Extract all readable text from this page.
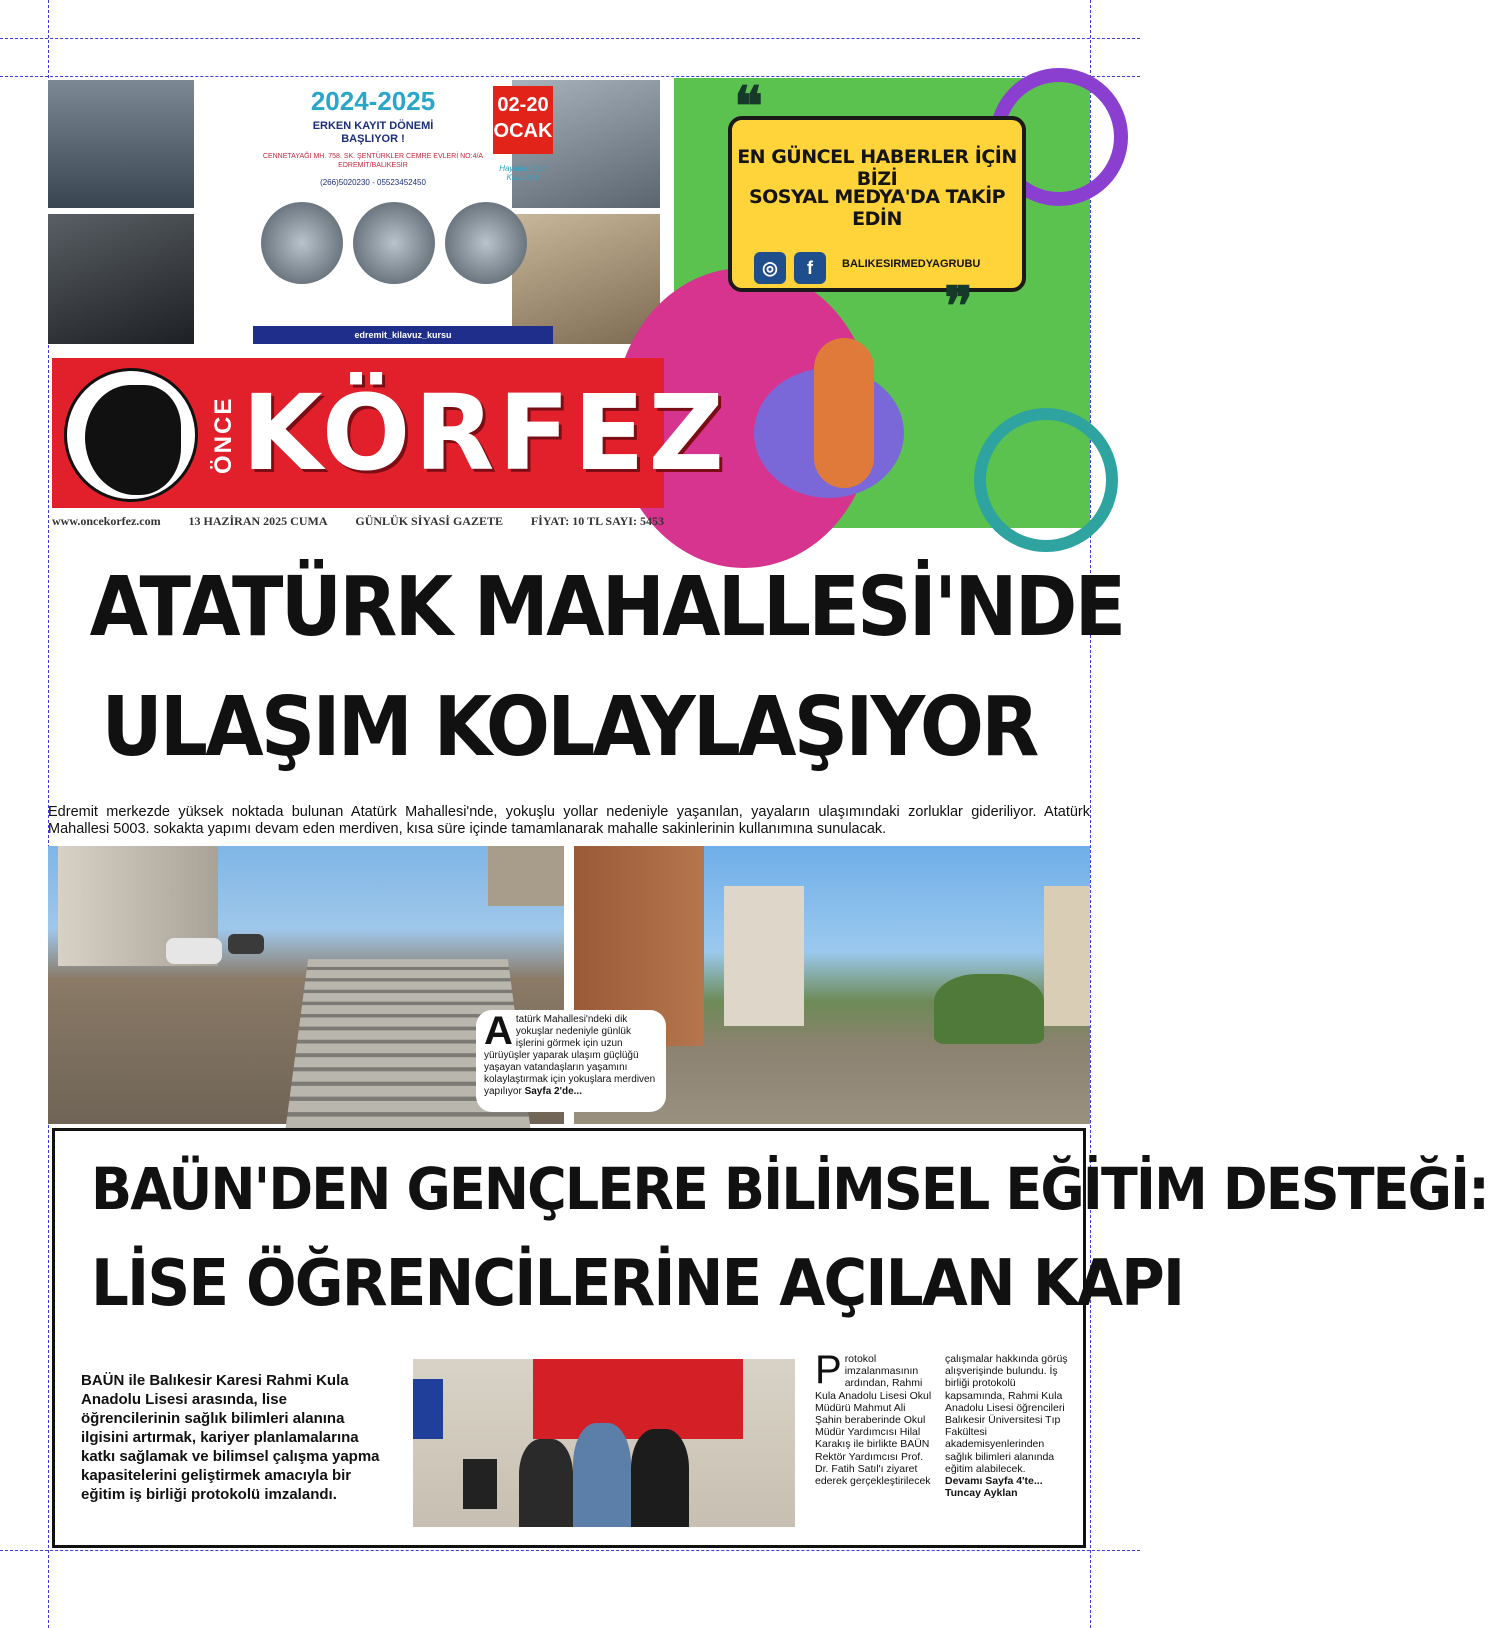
2024-2025
ERKEN KAYIT DÖNEMİ
BAŞLIYOR !
02-20
OCAK
CENNETAYAĞI MH. 758. SK. ŞENTÜRKLER CEMRE EVLERİ NO:4/A
EDREMİT/BALIKESİR
(266)5020230 - 05523452450
Hayallerinizin Kılavuzu.
edremit_kilavuz_kursu
EN GÜNCEL HABERLER İÇİN BİZİ
SOSYAL MEDYA'DA TAKİP EDİN
◎	f	BALIKESIRMEDYAGRUBU
❝
❞
ÖNCE KÖRFEZ
www.oncekorfez.com 13 HAZİRAN 2025 CUMA GÜNLÜK SİYASİ GAZETE FİYAT: 10 TL SAYI: 5453
ATATÜRK MAHALLESİ'NDE
ULAŞIM KOLAYLAŞIYOR
Edremit merkezde yüksek noktada bulunan Atatürk Mahallesi'nde, yokuşlu yollar nedeniyle yaşanılan, yayaların ulaşımındaki zorluklar gideriliyor. Atatürk Mahallesi 5003. sokakta yapımı devam eden merdiven, kısa süre içinde tamamlanarak mahalle sakinlerinin kullanımına sunulacak.
Atatürk Mahallesi'ndeki dik yokuşlar nedeniyle günlük işlerini görmek için uzun yürüyüşler yaparak ulaşım güçlüğü yaşayan vatandaşların yaşamını kolaylaştırmak için yokuşlara merdiven yapılıyor Sayfa 2'de...
BAÜN'DEN GENÇLERE BİLİMSEL EĞİTİM DESTEĞİ:
LİSE ÖĞRENCİLERİNE AÇILAN KAPI
BAÜN ile Balıkesir Karesi Rahmi Kula Anadolu Lisesi arasında, lise öğrencilerinin sağlık bilimleri alanına ilgisini artırmak, kariyer planlamalarına katkı sağlamak ve bilimsel çalışma yapma kapasitelerini geliştirmek amacıyla bir eğitim iş birliği protokolü imzalandı.
Protokol imzalanmasının ardından, Rahmi Kula Anadolu Lisesi Okul Müdürü Mahmut Ali Şahin beraberinde Okul Müdür Yardımcısı Hilal Karakış ile birlikte BAÜN Rektör Yardımcısı Prof. Dr. Fatih Satıl'ı ziyaret ederek gerçekleştirilecek
çalışmalar hakkında görüş alışverişinde bulundu. İş birliği protokolü kapsamında, Rahmi Kula Anadolu Lisesi öğrencileri Balıkesir Üniversitesi Tıp Fakültesi akademisyenlerinden sağlık bilimleri alanında eğitim alabilecek.
Devamı Sayfa 4'te...
Tuncay Ayklan
